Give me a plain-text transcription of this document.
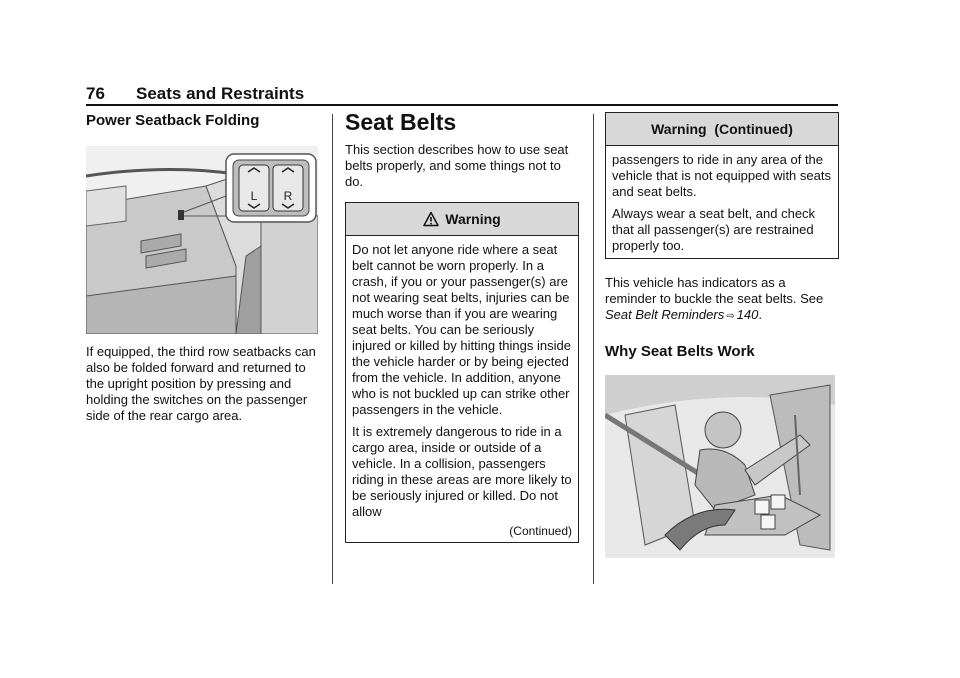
76 Seats and Restraints
Power Seatback Folding
L R

If equipped, the third row seatbacks can also be folded forward and returned to the upright position by pressing and holding the switches on the passenger side of the rear cargo area.

Seat Belts

This section describes how to use seat belts properly, and some things not to do.

Warning

Do not let anyone ride where a seat belt cannot be worn properly. In a crash, if you or your passenger(s) are not wearing seat belts, injuries can be much worse than if you are wearing seat belts. You can be seriously injured or killed by hitting things inside the vehicle harder or by being ejected from the vehicle. In addition, anyone who is not buckled up can strike other passengers in the vehicle.

It is extremely dangerous to ride in a cargo area, inside or outside of a vehicle. In a collision, passengers riding in these areas are more likely to be seriously injured or killed. Do not allow

(Continued)
Warning  (Continued)

passengers to ride in any area of the vehicle that is not equipped with seats and seat belts.

Always wear a seat belt, and check that all passenger(s) are restrained properly too.

This vehicle has indicators as a reminder to buckle the seat belts. See Seat Belt Reminders ⇨ 140.

Why Seat Belts Work
